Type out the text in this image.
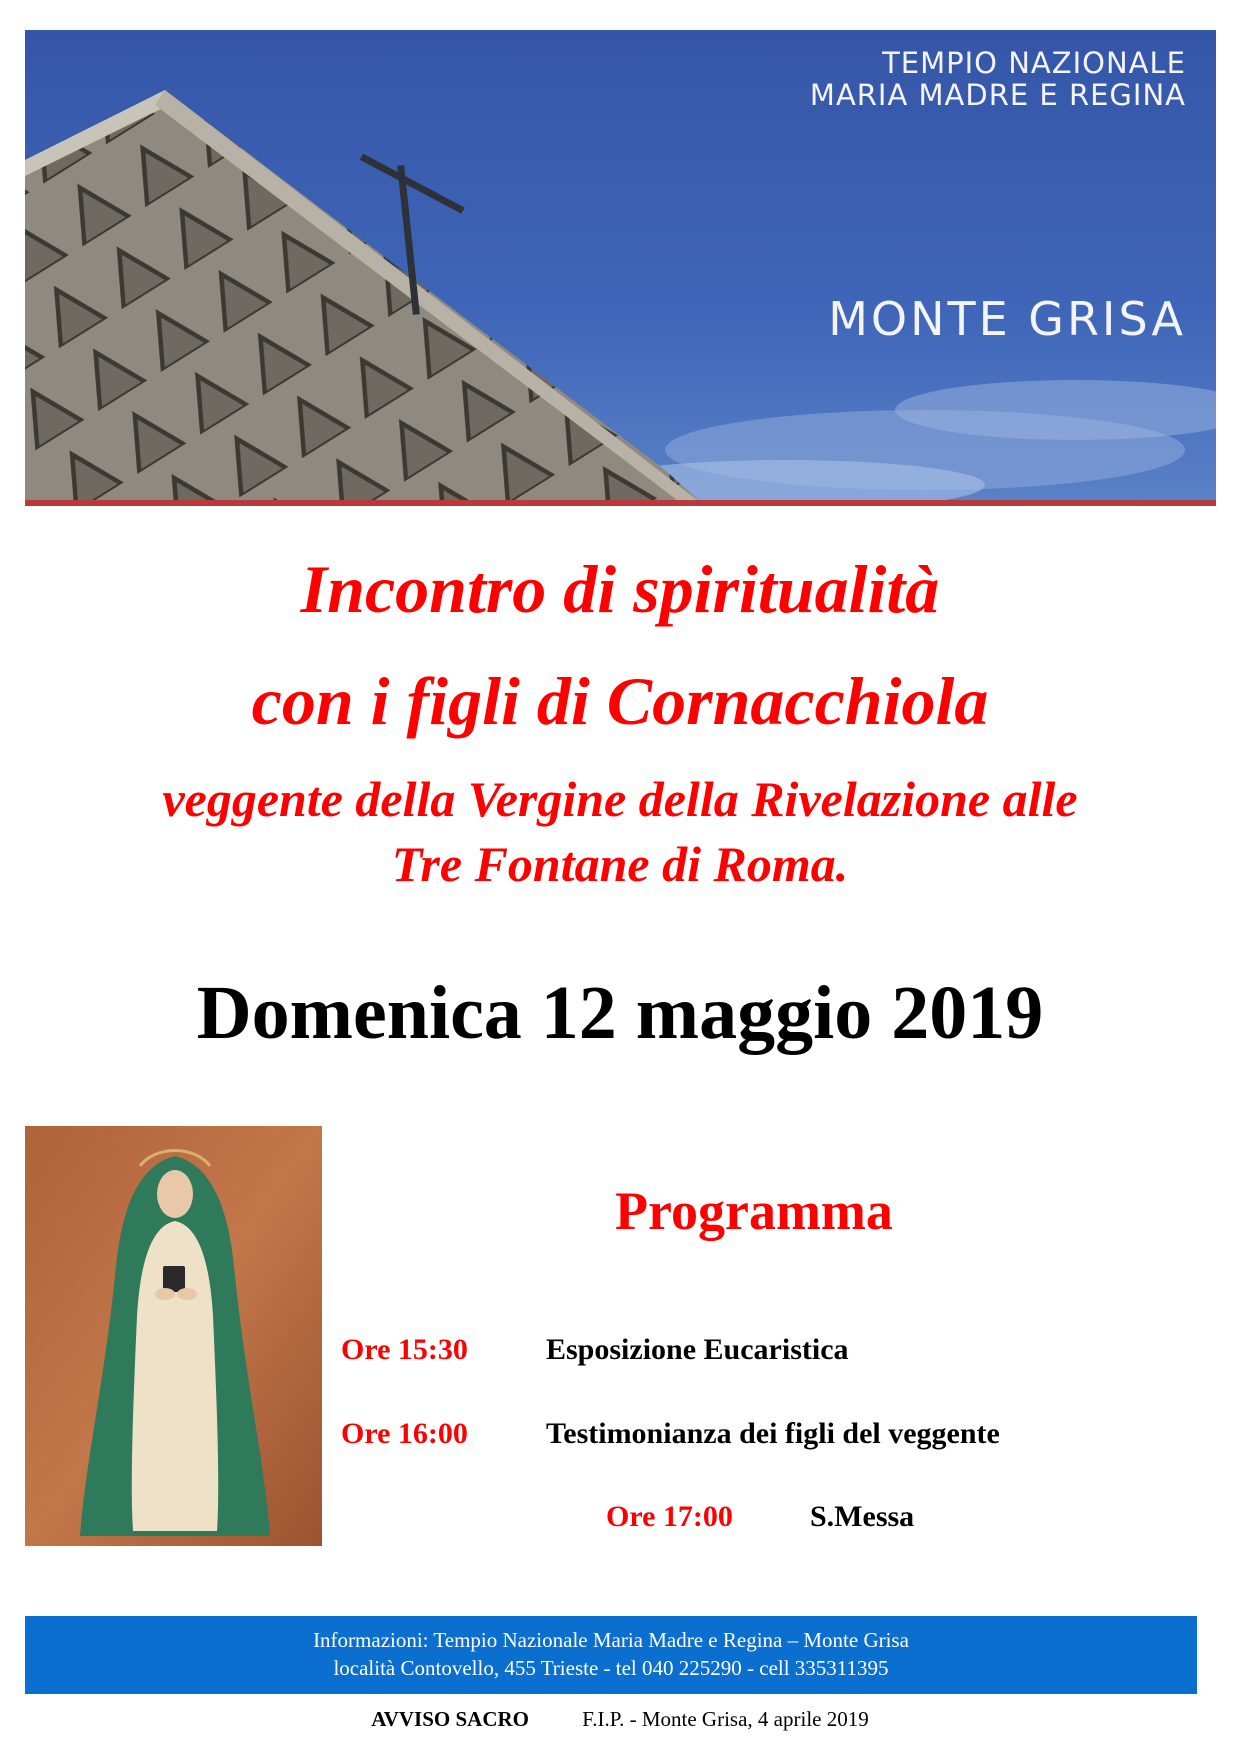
TEMPIO NAZIONALE
MARIA MADRE E REGINA
MONTE GRISA
Incontro di spiritualità
con i figli di Cornacchiola
veggente della Vergine della Rivelazione alle
Tre Fontane di Roma.
Domenica 12 maggio 2019
Programma
Ore 15:30	Esposizione Eucaristica
Ore 16:00	Testimonianza dei figli del veggente
Ore 17:00	S.Messa
Informazioni: Tempio Nazionale Maria Madre e Regina – Monte Grisa
località Contovello, 455 Trieste - tel 040 225290 - cell 335311395
AVVISO SACRO	F.I.P. - Monte Grisa, 4 aprile 2019
